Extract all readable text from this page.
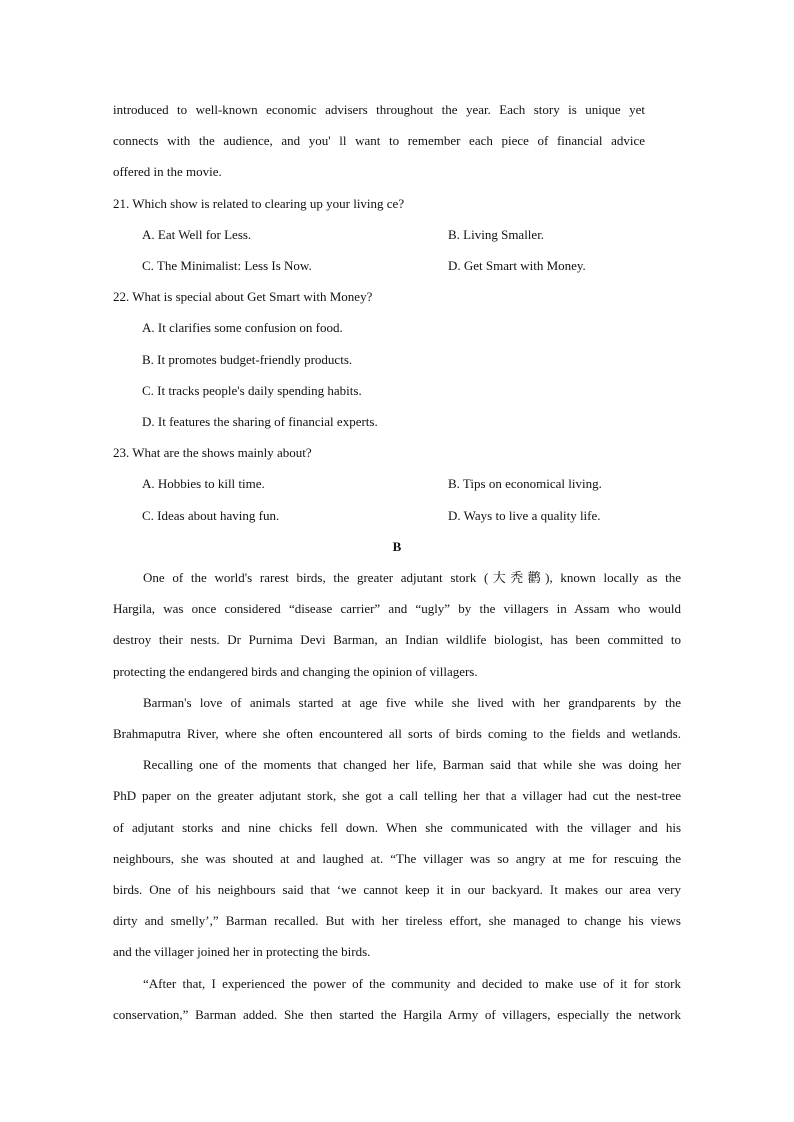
introduced to well-known economic advisers throughout the year. Each story is unique yet
connects with the audience, and you' ll want to remember each piece of financial advice
offered in the movie.
21. Which show is related to clearing up your living ce?
A. Eat Well for Less.	B. Living Smaller.
C. The Minimalist: Less Is Now.	D. Get Smart with Money.
22. What is special about Get Smart with Money?
A. It clarifies some confusion on food.
B. It promotes budget-friendly products.
C. It tracks people's daily spending habits.
D. It features the sharing of financial experts.
23. What are the shows mainly about?
A. Hobbies to kill time.	B. Tips on economical living.
C. Ideas about having fun.	D. Ways to live a quality life.
B
One of the world's rarest birds, the greater adjutant stork (大秃鹳), known locally as the
Hargila, was once considered “disease carrier” and “ugly” by the villagers in Assam who would
destroy their nests. Dr Purnima Devi Barman, an Indian wildlife biologist, has been committed to
protecting the endangered birds and changing the opinion of villagers.
Barman's love of animals started at age five while she lived with her grandparents by the
Brahmaputra River, where she often encountered all sorts of birds coming to the fields and wetlands.
Recalling one of the moments that changed her life, Barman said that while she was doing her
PhD paper on the greater adjutant stork, she got a call telling her that a villager had cut the nest-tree
of adjutant storks and nine chicks fell down. When she communicated with the villager and his
neighbours, she was shouted at and laughed at. “The villager was so angry at me for rescuing the
birds. One of his neighbours said that ‘we cannot keep it in our backyard. It makes our area very
dirty and smelly’,” Barman recalled. But with her tireless effort, she managed to change his views
and the villager joined her in protecting the birds.
“After that, I experienced the power of the community and decided to make use of it for stork
conservation,” Barman added. She then started the Hargila Army of villagers, especially the network
